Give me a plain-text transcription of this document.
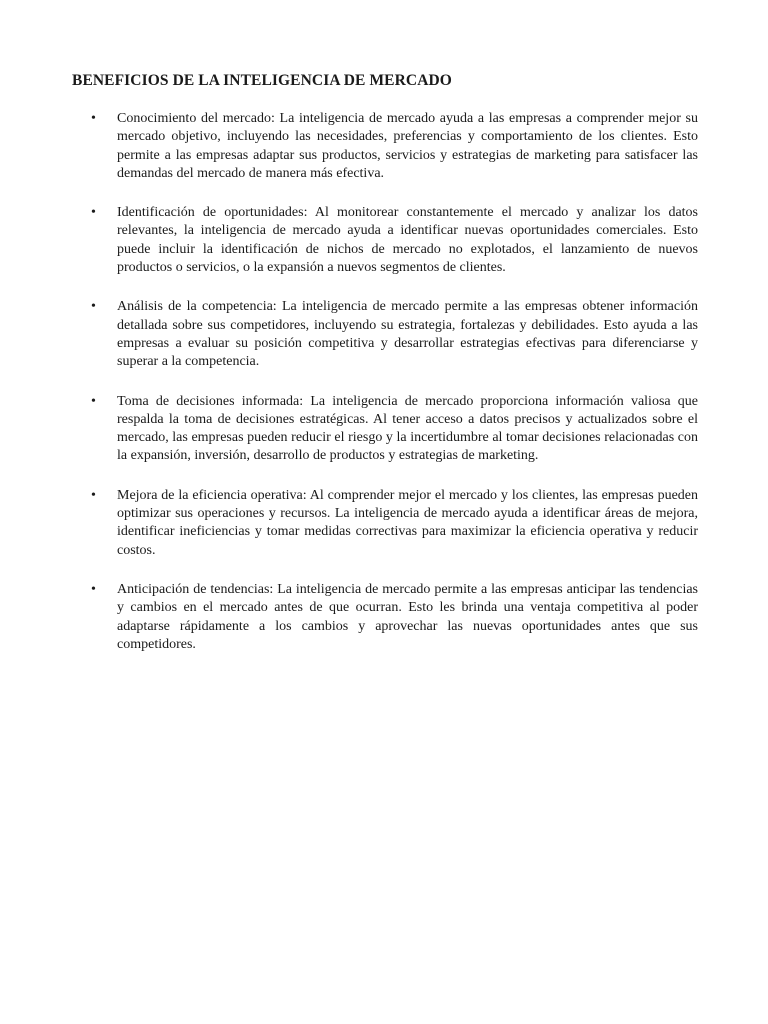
BENEFICIOS DE LA INTELIGENCIA DE MERCADO
• Conocimiento del mercado: La inteligencia de mercado ayuda a las empresas a comprender mejor su mercado objetivo, incluyendo las necesidades, preferencias y comportamiento de los clientes. Esto permite a las empresas adaptar sus productos, servicios y estrategias de marketing para satisfacer las demandas del mercado de manera más efectiva.
• Identificación de oportunidades: Al monitorear constantemente el mercado y analizar los datos relevantes, la inteligencia de mercado ayuda a identificar nuevas oportunidades comerciales. Esto puede incluir la identificación de nichos de mercado no explotados, el lanzamiento de nuevos productos o servicios, o la expansión a nuevos segmentos de clientes.
• Análisis de la competencia: La inteligencia de mercado permite a las empresas obtener información detallada sobre sus competidores, incluyendo su estrategia, fortalezas y debilidades. Esto ayuda a las empresas a evaluar su posición competitiva y desarrollar estrategias efectivas para diferenciarse y superar a la competencia.
• Toma de decisiones informada: La inteligencia de mercado proporciona información valiosa que respalda la toma de decisiones estratégicas. Al tener acceso a datos precisos y actualizados sobre el mercado, las empresas pueden reducir el riesgo y la incertidumbre al tomar decisiones relacionadas con la expansión, inversión, desarrollo de productos y estrategias de marketing.
• Mejora de la eficiencia operativa: Al comprender mejor el mercado y los clientes, las empresas pueden optimizar sus operaciones y recursos. La inteligencia de mercado ayuda a identificar áreas de mejora, identificar ineficiencias y tomar medidas correctivas para maximizar la eficiencia operativa y reducir costos.
• Anticipación de tendencias: La inteligencia de mercado permite a las empresas anticipar las tendencias y cambios en el mercado antes de que ocurran. Esto les brinda una ventaja competitiva al poder adaptarse rápidamente a los cambios y aprovechar las nuevas oportunidades antes que sus competidores.
